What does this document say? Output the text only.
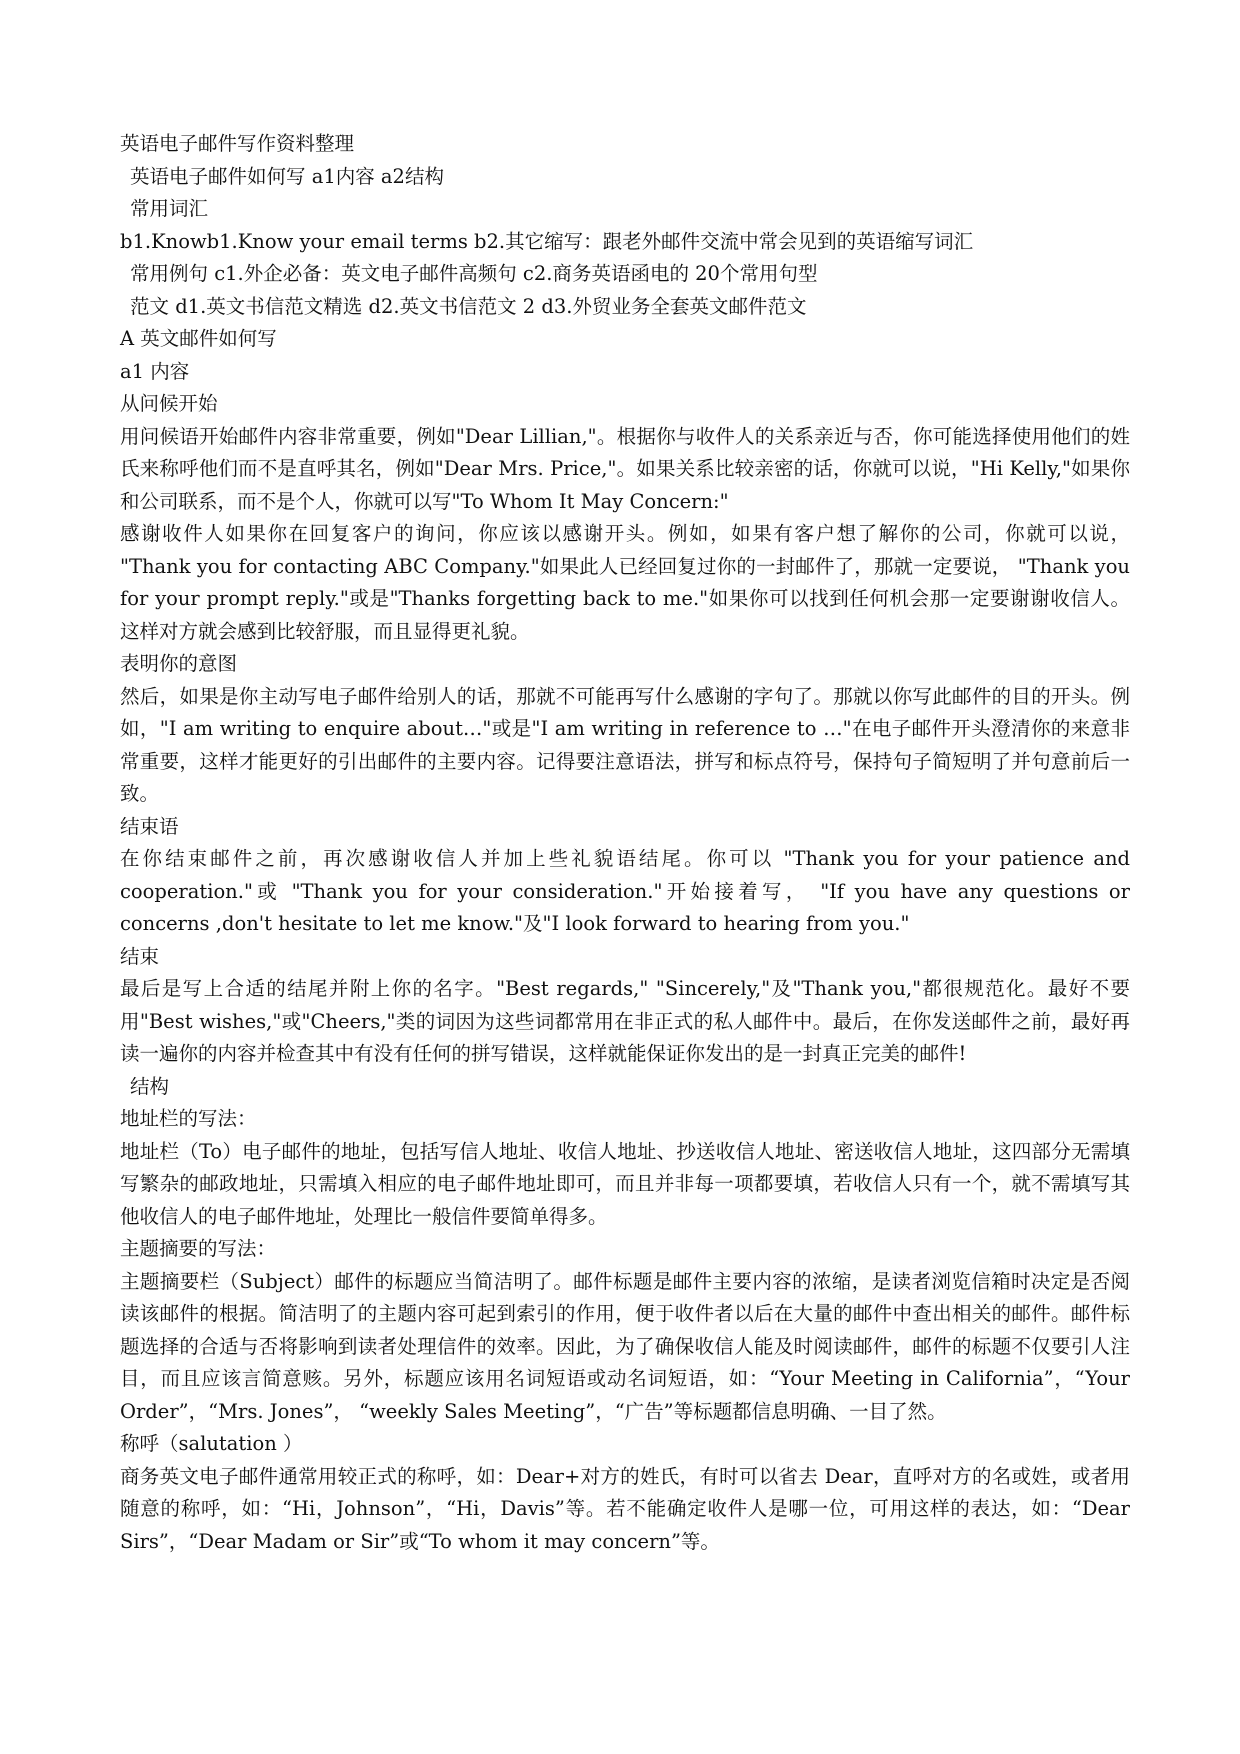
英语电子邮件写作资料整理

英语电子邮件如何写 a1内容 a2结构

常用词汇

b1.Knowb1.Know your email terms b2.其它缩写：跟老外邮件交流中常会见到的英语缩写词汇

常用例句 c1.外企必备：英文电子邮件高频句 c2.商务英语函电的 20个常用句型

范文 d1.英文书信范文精选 d2.英文书信范文 2 d3.外贸业务全套英文邮件范文

A 英文邮件如何写

a1 内容

从问候开始

用问候语开始邮件内容非常重要，例如"Dear Lillian,"。根据你与收件人的关系亲近与否，你可能选择使用他们的姓氏来称呼他们而不是直呼其名，例如"Dear Mrs. Price,"。如果关系比较亲密的话，你就可以说，"Hi Kelly,"如果你和公司联系，而不是个人，你就可以写"To Whom It May Concern:"

感谢收件人如果你在回复客户的询问，你应该以感谢开头。例如，如果有客户想了解你的公司，你就可以说， "Thank you for contacting ABC Company."如果此人已经回复过你的一封邮件了，那就一定要说， "Thank you for your prompt reply."或是"Thanks forgetting back to me."如果你可以找到任何机会那一定要谢谢收信人。这样对方就会感到比较舒服，而且显得更礼貌。

表明你的意图

然后，如果是你主动写电子邮件给别人的话，那就不可能再写什么感谢的字句了。那就以你写此邮件的目的开头。例如，"I am writing to enquire about…"或是"I am writing in reference to …"在电子邮件开头澄清你的来意非常重要，这样才能更好的引出邮件的主要内容。记得要注意语法，拼写和标点符号，保持句子简短明了并句意前后一致。

结束语

在你结束邮件之前，再次感谢收信人并加上些礼貌语结尾。你可以 "Thank you for your patience and cooperation."或 "Thank you for your consideration."开始接着写， "If you have any questions or concerns ,don't hesitate to let me know."及"I look forward to hearing from you."

结束

最后是写上合适的结尾并附上你的名字。"Best regards," "Sincerely,"及"Thank you,"都很规范化。最好不要用"Best wishes,"或"Cheers,"类的词因为这些词都常用在非正式的私人邮件中。最后，在你发送邮件之前，最好再读一遍你的内容并检查其中有没有任何的拼写错误，这样就能保证你发出的是一封真正完美的邮件!

结构

地址栏的写法：

地址栏（To）电子邮件的地址，包括写信人地址、收信人地址、抄送收信人地址、密送收信人地址，这四部分无需填写繁杂的邮政地址，只需填入相应的电子邮件地址即可，而且并非每一项都要填，若收信人只有一个，就不需填写其他收信人的电子邮件地址，处理比一般信件要简单得多。

主题摘要的写法：

主题摘要栏（Subject）邮件的标题应当简洁明了。邮件标题是邮件主要内容的浓缩，是读者浏览信箱时决定是否阅读该邮件的根据。简洁明了的主题内容可起到索引的作用，便于收件者以后在大量的邮件中查出相关的邮件。邮件标题选择的合适与否将影响到读者处理信件的效率。因此，为了确保收信人能及时阅读邮件，邮件的标题不仅要引人注目，而且应该言简意赅。另外，标题应该用名词短语或动名词短语，如：“Your Meeting in California”，“Your Order”，“Mrs. Jones”， “weekly Sales Meeting”，“广告”等标题都信息明确、一目了然。

称呼（salutation ）

商务英文电子邮件通常用较正式的称呼，如：Dear+对方的姓氏，有时可以省去 Dear，直呼对方的名或姓，或者用随意的称呼，如：“Hi，Johnson”，“Hi，Davis”等。若不能确定收件人是哪一位，可用这样的表达，如：“Dear Sirs”，“Dear Madam or Sir”或“To whom it may concern”等。
